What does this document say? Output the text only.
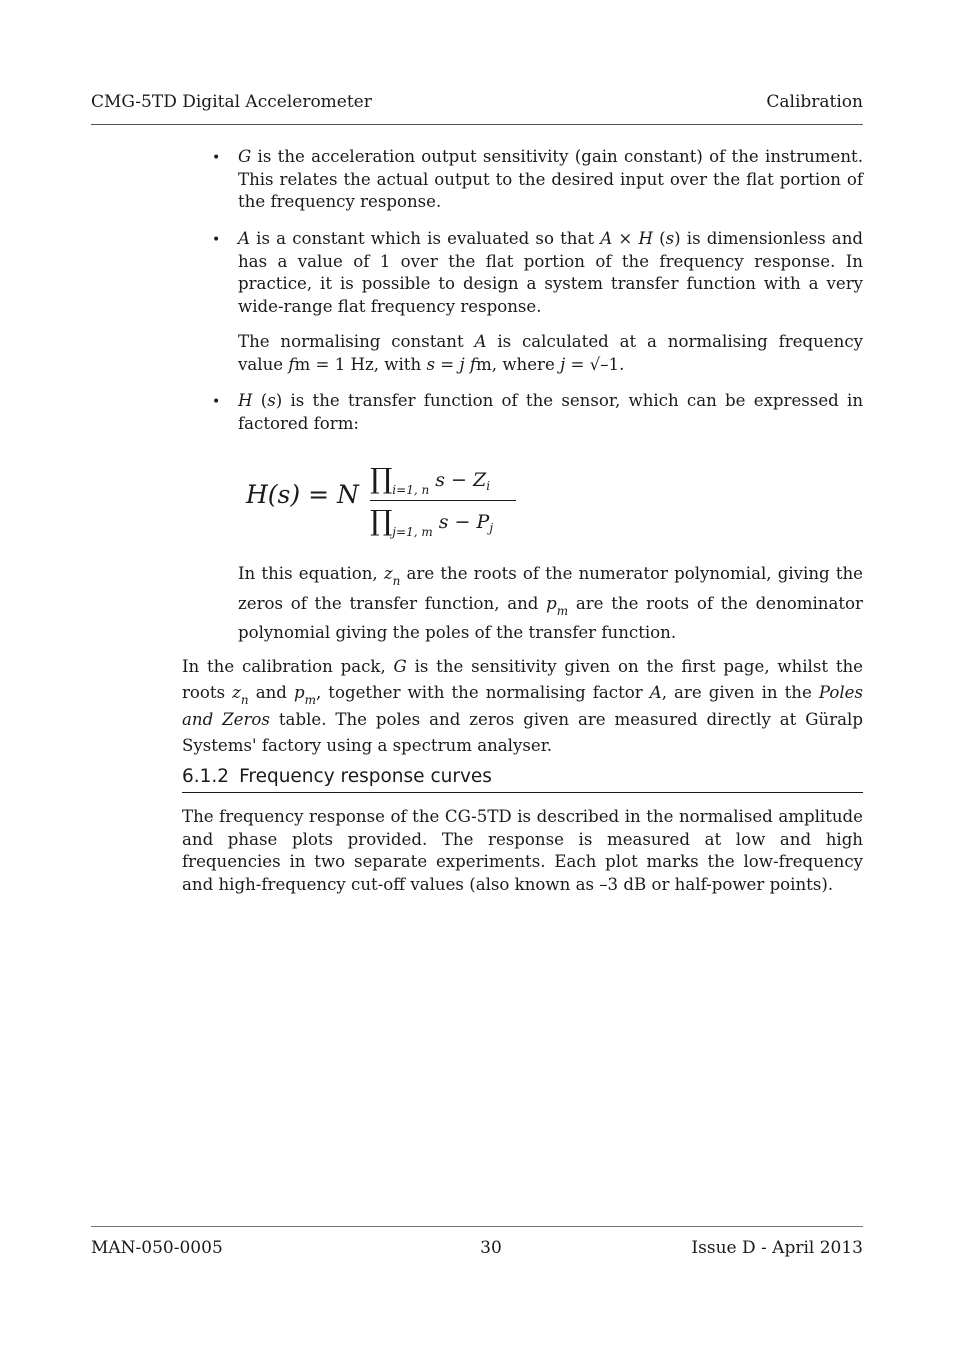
CMG-5TD Digital Accelerometer	Calibration
• G is the acceleration output sensitivity (gain constant) of the instrument. This relates the actual output to the desired input over the flat portion of the frequency response.
• A is a constant which is evaluated so that A × H (s) is dimensionless and has a value of 1 over the flat portion of the frequency response. In practice, it is possible to design a system transfer function with a very wide-range flat frequency response.
The normalising constant A is calculated at a normalising frequency value fm = 1 Hz, with s = j fm, where j = √–1.
• H (s) is the transfer function of the sensor, which can be expressed in factored form:
H(s) = N $\prod_{i=1, n}$ $s - Z_i$
$\prod_{j=1, m}$ $s - P_j$
In this equation, $z_n$ are the roots of the numerator polynomial, giving the zeros of the transfer function, and $p_m$ are the roots of the denominator polynomial giving the poles of the transfer function.
In the calibration pack, G is the sensitivity given on the first page, whilst the roots $z_n$ and $p_m$, together with the normalising factor A, are given in the Poles and Zeros table. The poles and zeros given are measured directly at Güralp Systems' factory using a spectrum analyser.
6.1.2 Frequency response curves
The frequency response of the CG-5TD is described in the normalised amplitude and phase plots provided. The response is measured at low and high frequencies in two separate experiments. Each plot marks the low-frequency and high-frequency cut-off values (also known as –3 dB or half-power points).
MAN-050-0005	30	Issue D - April 2013
